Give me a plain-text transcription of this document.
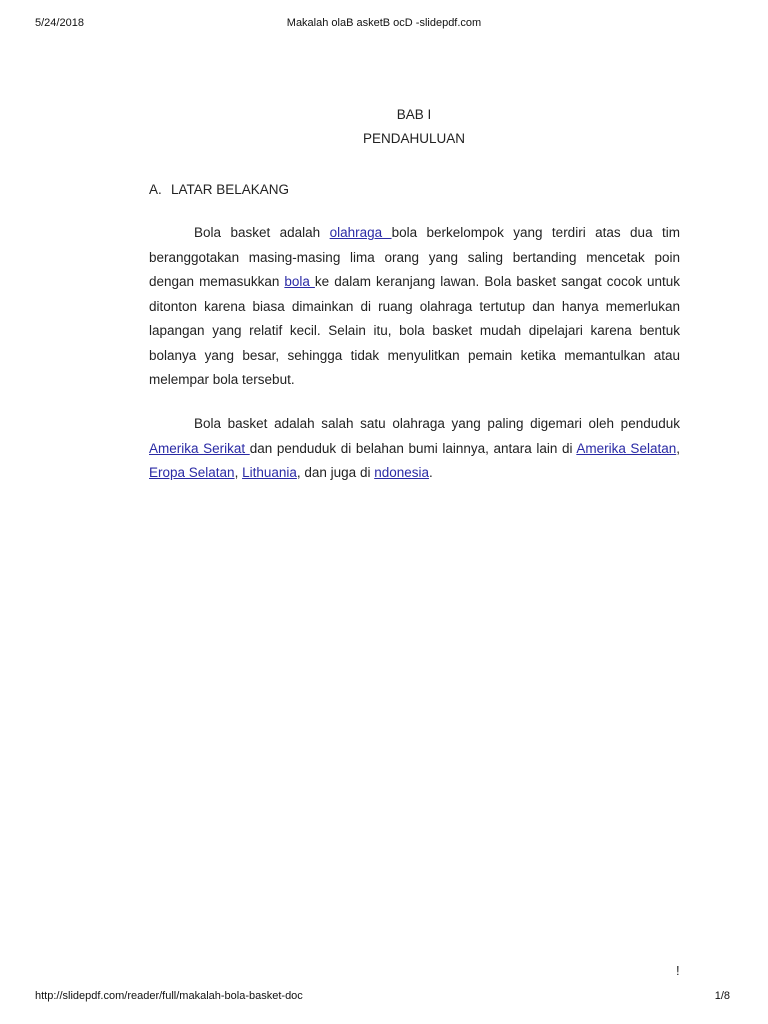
5/24/2018	Makalah olaB asketB ocD -slidepdf.com
BAB I
PENDAHULUAN
A. LATAR BELAKANG

Bola basket adalah olahraga bola berkelompok yang terdiri atas dua tim beranggotakan masing-masing lima orang yang saling bertanding mencetak poin dengan memasukkan bola ke dalam keranjang lawan. Bola basket sangat cocok untuk ditonton karena biasa dimainkan di ruang olahraga tertutup dan hanya memerlukan lapangan yang relatif kecil. Selain itu, bola basket mudah dipelajari karena bentuk bolanya yang besar, sehingga tidak menyulitkan pemain ketika memantulkan atau melempar bola tersebut.

Bola basket adalah salah satu olahraga yang paling digemari oleh penduduk Amerika Serikat dan penduduk di belahan bumi lainnya, antara lain di Amerika Selatan, Eropa Selatan, Lithuania, dan juga di ndonesia.

!
http://slidepdf.com/reader/full/makalah-bola-basket-doc	1/8
